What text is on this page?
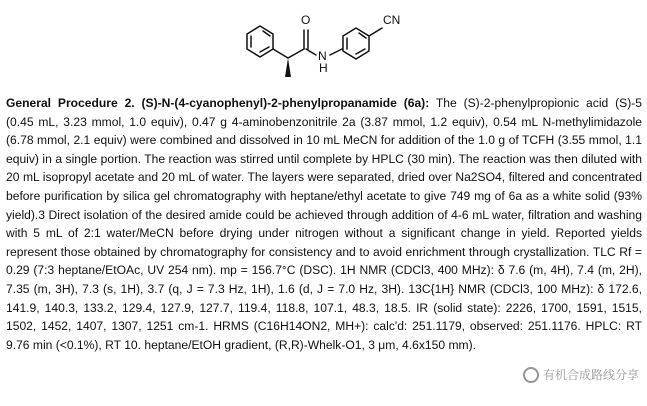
O
N
H
CN
General Procedure 2. (S)-N-(4-cyanophenyl)-2-phenylpropanamide (6a): The (S)-2-phenylpropionic acid (S)-5 (0.45 mL, 3.23 mmol, 1.0 equiv), 0.47 g 4-aminobenzonitrile 2a (3.87 mmol, 1.2 equiv), 0.54 mL N-methylimidazole (6.78 mmol, 2.1 equiv) were combined and dissolved in 10 mL MeCN for addition of the 1.0 g of TCFH (3.55 mmol, 1.1 equiv) in a single portion. The reaction was stirred until complete by HPLC (30 min). The reaction was then diluted with 20 mL isopropyl acetate and 20 mL of water. The layers were separated, dried over Na2SO4, filtered and concentrated before purification by silica gel chromatography with heptane/ethyl acetate to give 749 mg of 6a as a white solid (93% yield).3 Direct isolation of the desired amide could be achieved through addition of 4-6 mL water, filtration and washing with 5 mL of 2:1 water/MeCN before drying under nitrogen without a significant change in yield. Reported yields represent those obtained by chromatography for consistency and to avoid enrichment through crystallization. TLC Rf = 0.29 (7:3 heptane/EtOAc, UV 254 nm). mp = 156.7°C (DSC). 1H NMR (CDCl3, 400 MHz): δ 7.6 (m, 4H), 7.4 (m, 2H), 7.35 (m, 3H), 7.3 (s, 1H), 3.7 (q, J = 7.3 Hz, 1H), 1.6 (d, J = 7.0 Hz, 3H). 13C{1H} NMR (CDCl3, 100 MHz): δ 172.6, 141.9, 140.3, 133.2, 129.4, 127.9, 127.7, 119.4, 118.8, 107.1, 48.3, 18.5. IR (solid state): 2226, 1700, 1591, 1515, 1502, 1452, 1407, 1307, 1251 cm-1. HRMS (C16H14ON2, MH+): calc'd: 251.1179, observed: 251.1176. HPLC: RT 9.76 min (<0.1%), RT 10. heptane/EtOH gradient, (R,R)-Whelk-O1, 3 μm, 4.6x150 mm).
有机合成路线分享
